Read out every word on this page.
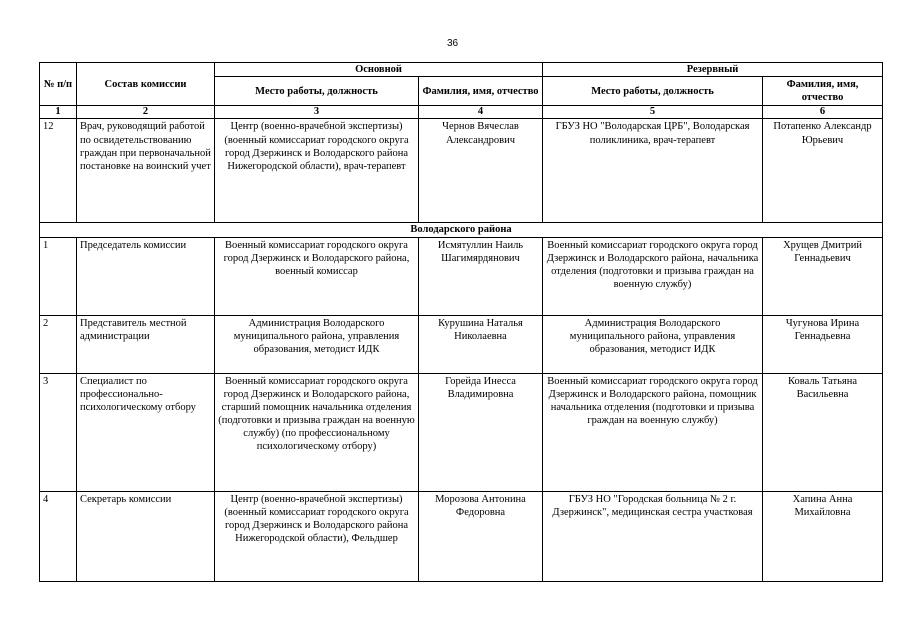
36
№ п/п	Состав комиссии	Основной		Резервный	
		Место работы, должность	Фамилия, имя, отчество	Место работы, должность	Фамилия, имя, отчество
1	2	3	4	5	6
12	Врач, руководящий работой по освидетельствованию граждан при первоначальной постановке на воинский учет	Центр (военно-врачебной экспертизы) (военный комиссариат городского округа город Дзержинск и Володарского района Нижегородской области), врач-терапевт	Чернов Вячеслав Александрович	ГБУЗ НО "Володарская ЦРБ", Володарская поликлиника, врач-терапевт	Потапенко Александр Юрьевич
Володарского района					
1	Председатель комиссии	Военный комиссариат городского округа город Дзержинск и Володарского района, военный комиссар	Исмятуллин Наиль Шагимярдянович	Военный комиссариат городского округа город Дзержинск и Володарского района, начальника отделения (подготовки и призыва граждан на военную службу)	Хрущев Дмитрий Геннадьевич
2	Представитель местной администрации	Администрация Володарского муниципального района, управления образования, методист ИДК	Курушина Наталья Николаевна	Администрация Володарского муниципального района, управления образования, методист ИДК	Чугунова Ирина Геннадьевна
3	Специалист по профессионально-психологическому отбору	Военный комиссариат городского округа город Дзержинск и Володарского района, старший помощник начальника отделения (подготовки и призыва граждан на военную службу) (по профессиональному психологическому отбору)	Горейда Инесса Владимировна	Военный комиссариат городского округа город Дзержинск и Володарского района, помощник начальника отделения (подготовки и призыва граждан на военную службу)	Коваль Татьяна Васильевна
4	Секретарь комиссии	Центр (военно-врачебной экспертизы) (военный комиссариат городского округа город Дзержинск и Володарского района Нижегородской области), Фельдшер	Морозова Антонина Федоровна	ГБУЗ НО "Городская больница № 2 г. Дзержинск", медицинская сестра участковая	Хапина Анна Михайловна
